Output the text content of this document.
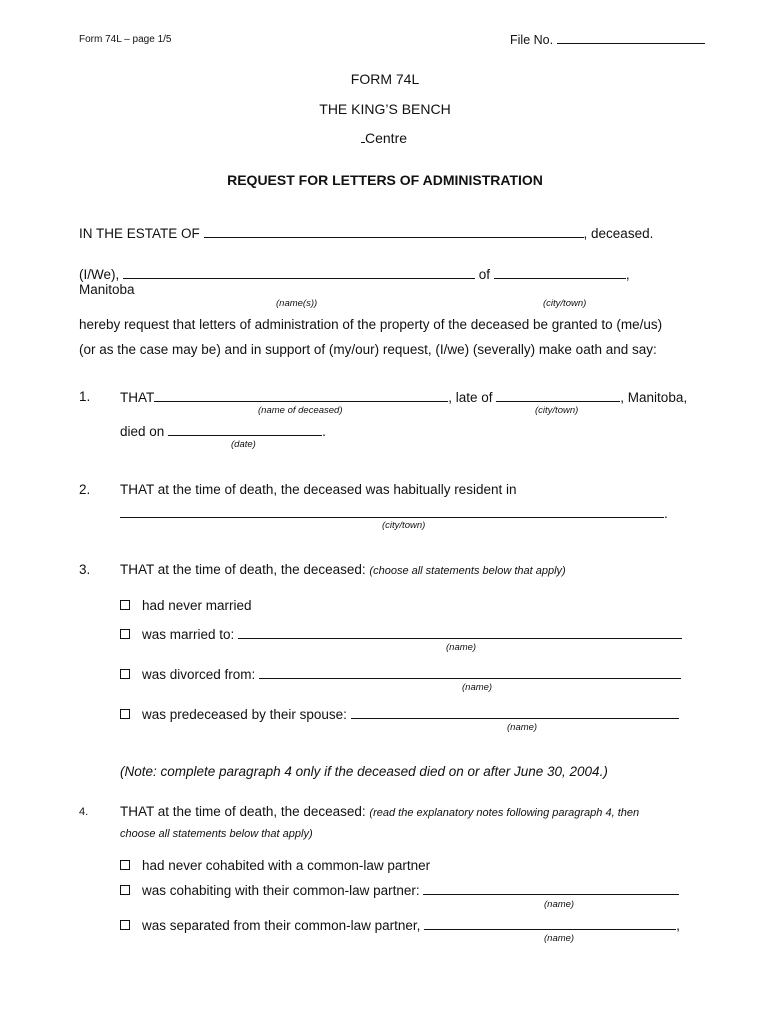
Form 74L – page 1/5	File No.
FORM 74L
THE KING’S BENCH
Centre
REQUEST FOR LETTERS OF ADMINISTRATION
IN THE ESTATE OF	, deceased.
(I/We),	of	,
Manitoba
(name(s))	(city/town)
hereby request that letters of administration of the property of the deceased be granted to (me/us)
(or as the case may be) and in support of (my/our) request, (I/we) (severally) make oath and say:
1. THAT	, late of	, Manitoba,
(name of deceased)	(city/town)
died on	.
(date)
2. THAT at the time of death, the deceased was habitually resident in
.
(city/town)
3. THAT at the time of death, the deceased: (choose all statements below that apply)
had never married
was married to:
(name)
was divorced from:
(name)
was predeceased by their spouse:
(name)
(Note: complete paragraph 4 only if the deceased died on or after June 30, 2004.)
4. THAT at the time of death, the deceased: (read the explanatory notes following paragraph 4, then
choose all statements below that apply)
had never cohabited with a common-law partner
was cohabiting with their common-law partner:
(name)
was separated from their common-law partner,	,
(name)
